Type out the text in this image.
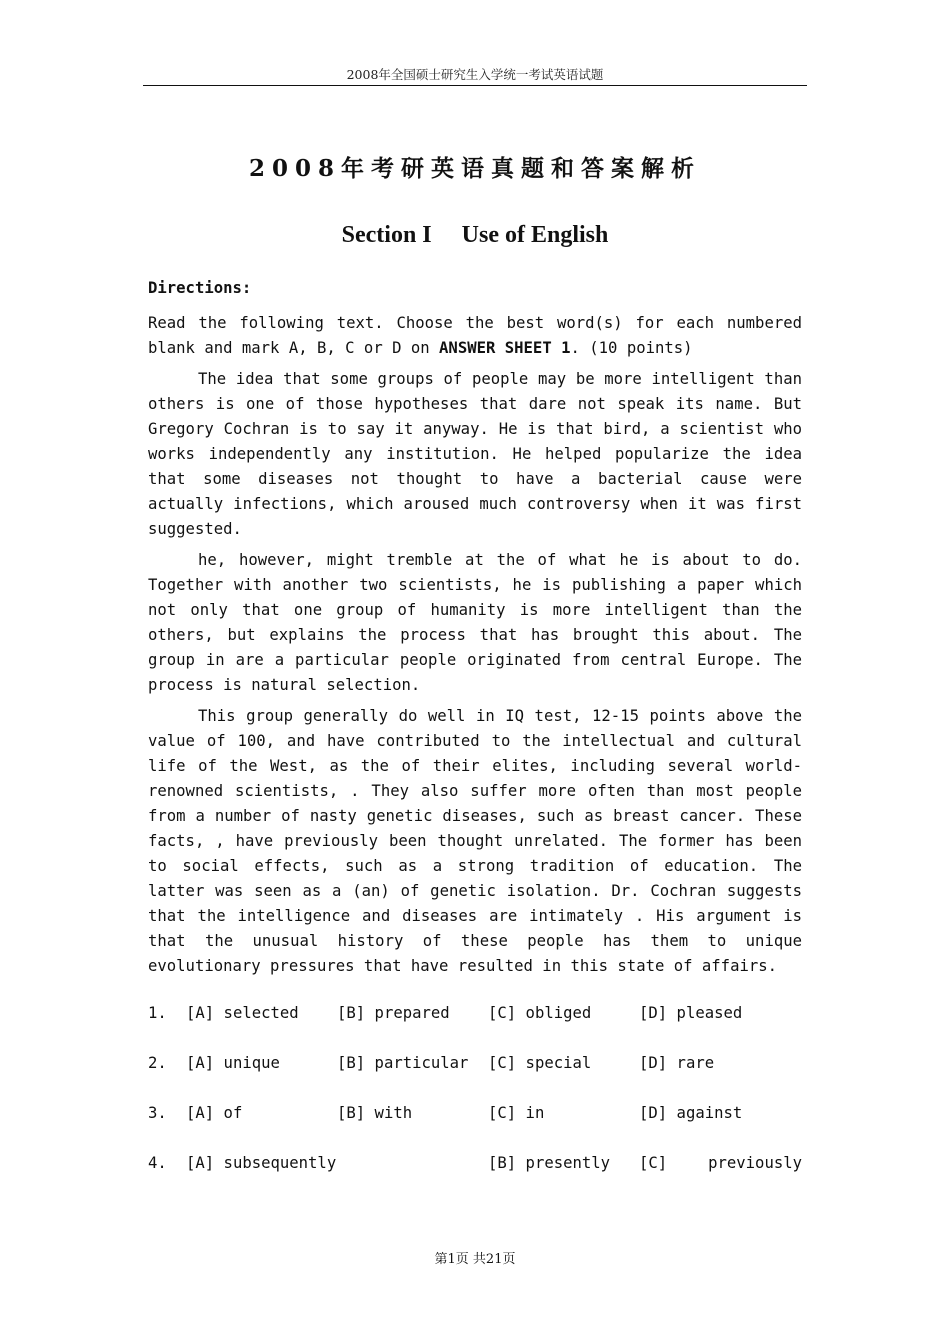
2008年全国硕士研究生入学统一考试英语试题
2008年考研英语真题和答案解析
Section I Use of English
Directions:

Read the following text. Choose the best word(s) for each numbered blank and mark A, B, C or D on ANSWER SHEET 1. (10 points)

The idea that some groups of people may be more intelligent than others is one of those hypotheses that dare not speak its name. But Gregory Cochran is to say it anyway. He is that bird, a scientist who works independently any institution. He helped popularize the idea that some diseases not thought to have a bacterial cause were actually infections, which aroused much controversy when it was first suggested.

he, however, might tremble at the of what he is about to do. Together with another two scientists, he is publishing a paper which not only that one group of humanity is more intelligent than the others, but explains the process that has brought this about. The group in are a particular people originated from central Europe. The process is natural selection.

This group generally do well in IQ test, 12-15 points above the value of 100, and have contributed to the intellectual and cultural life of the West, as the of their elites, including several world-renowned scientists, . They also suffer more often than most people from a number of nasty genetic diseases, such as breast cancer. These facts, , have previously been thought unrelated. The former has been to social effects, such as a strong tradition of education. The latter was seen as a (an) of genetic isolation. Dr. Cochran suggests that the intelligence and diseases are intimately . His argument is that the unusual history of these people has them to unique evolutionary pressures that have resulted in this state of affairs.

1.	[A] selected	[B] prepared	[C] obliged	[D] pleased
2.	[A] unique	[B] particular	[C] special	[D] rare
3.	[A] of	[B] with	[C] in	[D] against
4.	[A] subsequently	[B] presently	[C]	previously
第1页 共21页
